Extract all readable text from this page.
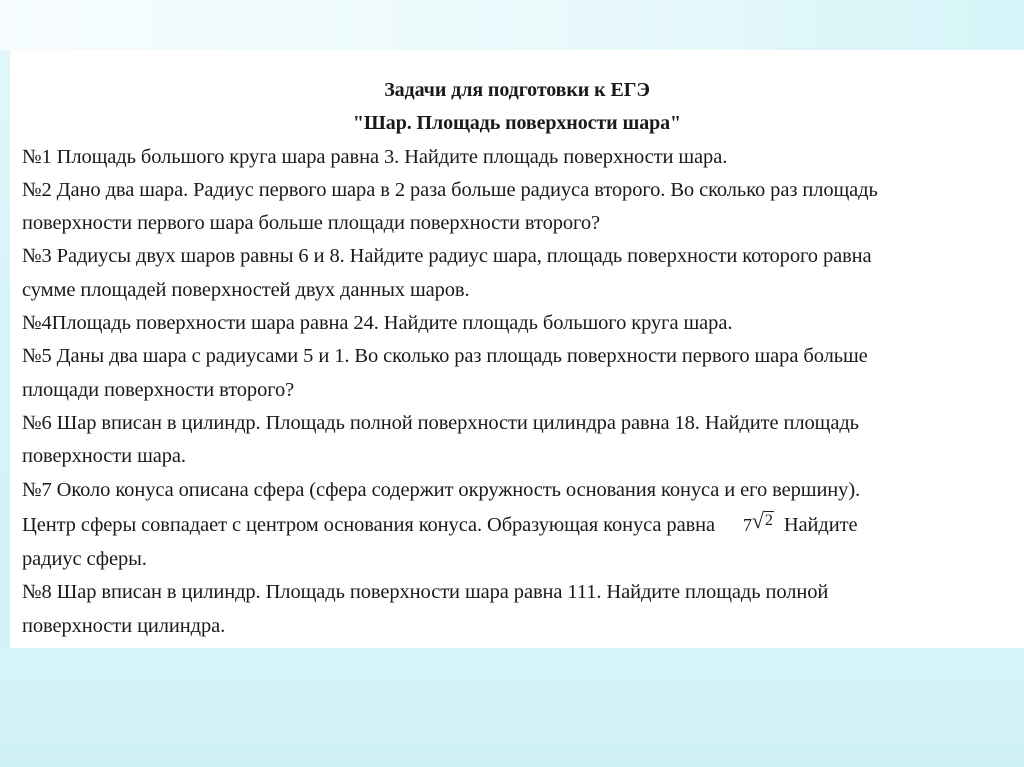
Задачи для подготовки к ЕГЭ

"Шар. Площадь поверхности шара"

№1 Площадь большого круга шара равна 3. Найдите площадь поверхности шара.

№2 Дано два шара. Радиус первого шара в 2 раза больше радиуса второго. Во сколько раз площадь

поверхности первого шара больше площади поверхности второго?

№3 Радиусы двух шаров равны 6 и 8. Найдите радиус шара, площадь поверхности которого равна

сумме площадей поверхностей двух данных шаров.

№4Площадь поверхности шара равна 24. Найдите площадь большого круга шара.

№5 Даны два шара с радиусами 5 и 1. Во сколько раз площадь поверхности первого шара больше

площади поверхности второго?

№6 Шар вписан в цилиндр. Площадь полной поверхности цилиндра равна 18. Найдите площадь

поверхности шара.

№7 Около конуса описана сфера (сфера содержит окружность основания конуса и его вершину).

Центр сферы совпадает с центром основания конуса. Образующая конуса равна 7√2 Найдите

радиус сферы.

№8 Шар вписан в цилиндр. Площадь поверхности шара равна 111. Найдите площадь полной

поверхности цилиндра.
